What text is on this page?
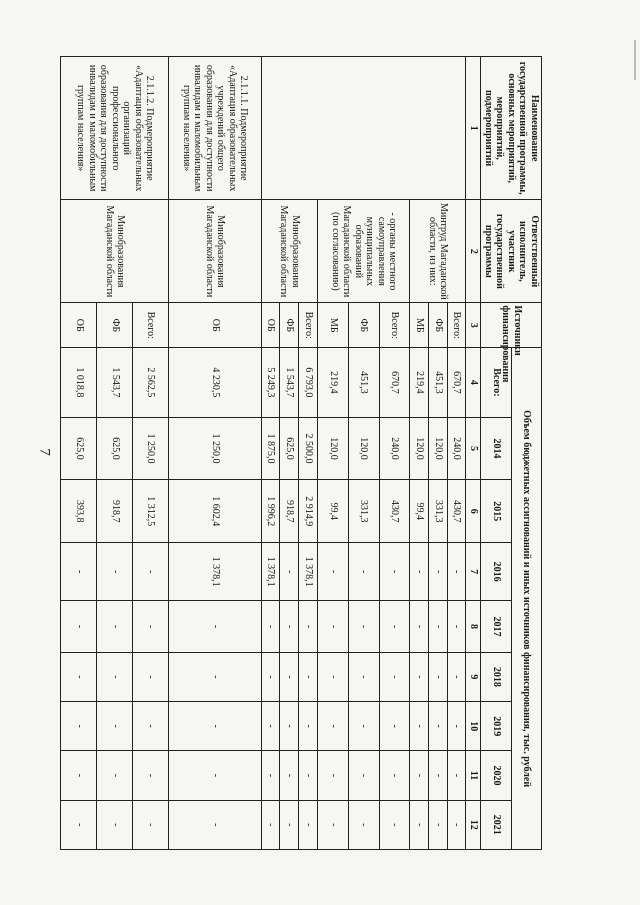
7
Наименование государственной программы, основных мероприятий, мероприятий, подмероприятий	Ответственный исполнитель, участник государственной программы	Источники финансирования	Объем бюджетных ассигнований и иных источников финансирования, тыс. рублей								
			Всего:	2014	2015	2016	2017	2018	2019	2020	2021
1	2	3	4	5	6	7	8	9	10	11	12
	Минтруд Магаданской области, из них:	Всего:	670,7	240,0	430,7	-	-	-	-	-	-
		ФБ	451,3	120,0	331,3	-	-	-	-	-	-
		МБ	219,4	120,0	99,4	-	-	-	-	-	-
	- органы местного самоуправления муниципальных образований Магаданской области (по согласованию)	Всего:	670,7	240,0	430,7	-	-	-	-	-	-
		ФБ	451,3	120,0	331,3	-	-	-	-	-	-
		МБ	219,4	120,0	99,4	-	-	-	-	-	-
	Минобразования Магаданской области	Всего:	6 793,0	2 500,0	2 914,9	1 378,1	-	-	-	-	-
		ФБ	1 543,7	625,0	918,7	-	-	-	-	-	-
		ОБ	5 249,3	1 875,0	1 996,2	1 378,1	-	-	-	-	-
2.1.1.1. Подмероприятие «Адаптация образовательных учреждений общего образования для доступности инвалидам и маломобильным группам населения»	Минобразования Магаданской области	ОБ	4 230,5	1 250,0	1 602,4	1 378,1	-	-	-	-	-
2.1.1.2. Подмероприятие «Адаптация образовательных организаций профессионального образования для доступности инвалидам и маломобильным группам населения»	Минобразования Магаданской области	Всего:	2 562,5	1 250,0	1 312,5	-	-	-	-	-	-
		ФБ	1 543,7	625,0	918,7	-	-	-	-	-	-
		ОБ	1 018,8	625,0	393,8	-	-	-	-	-	-
